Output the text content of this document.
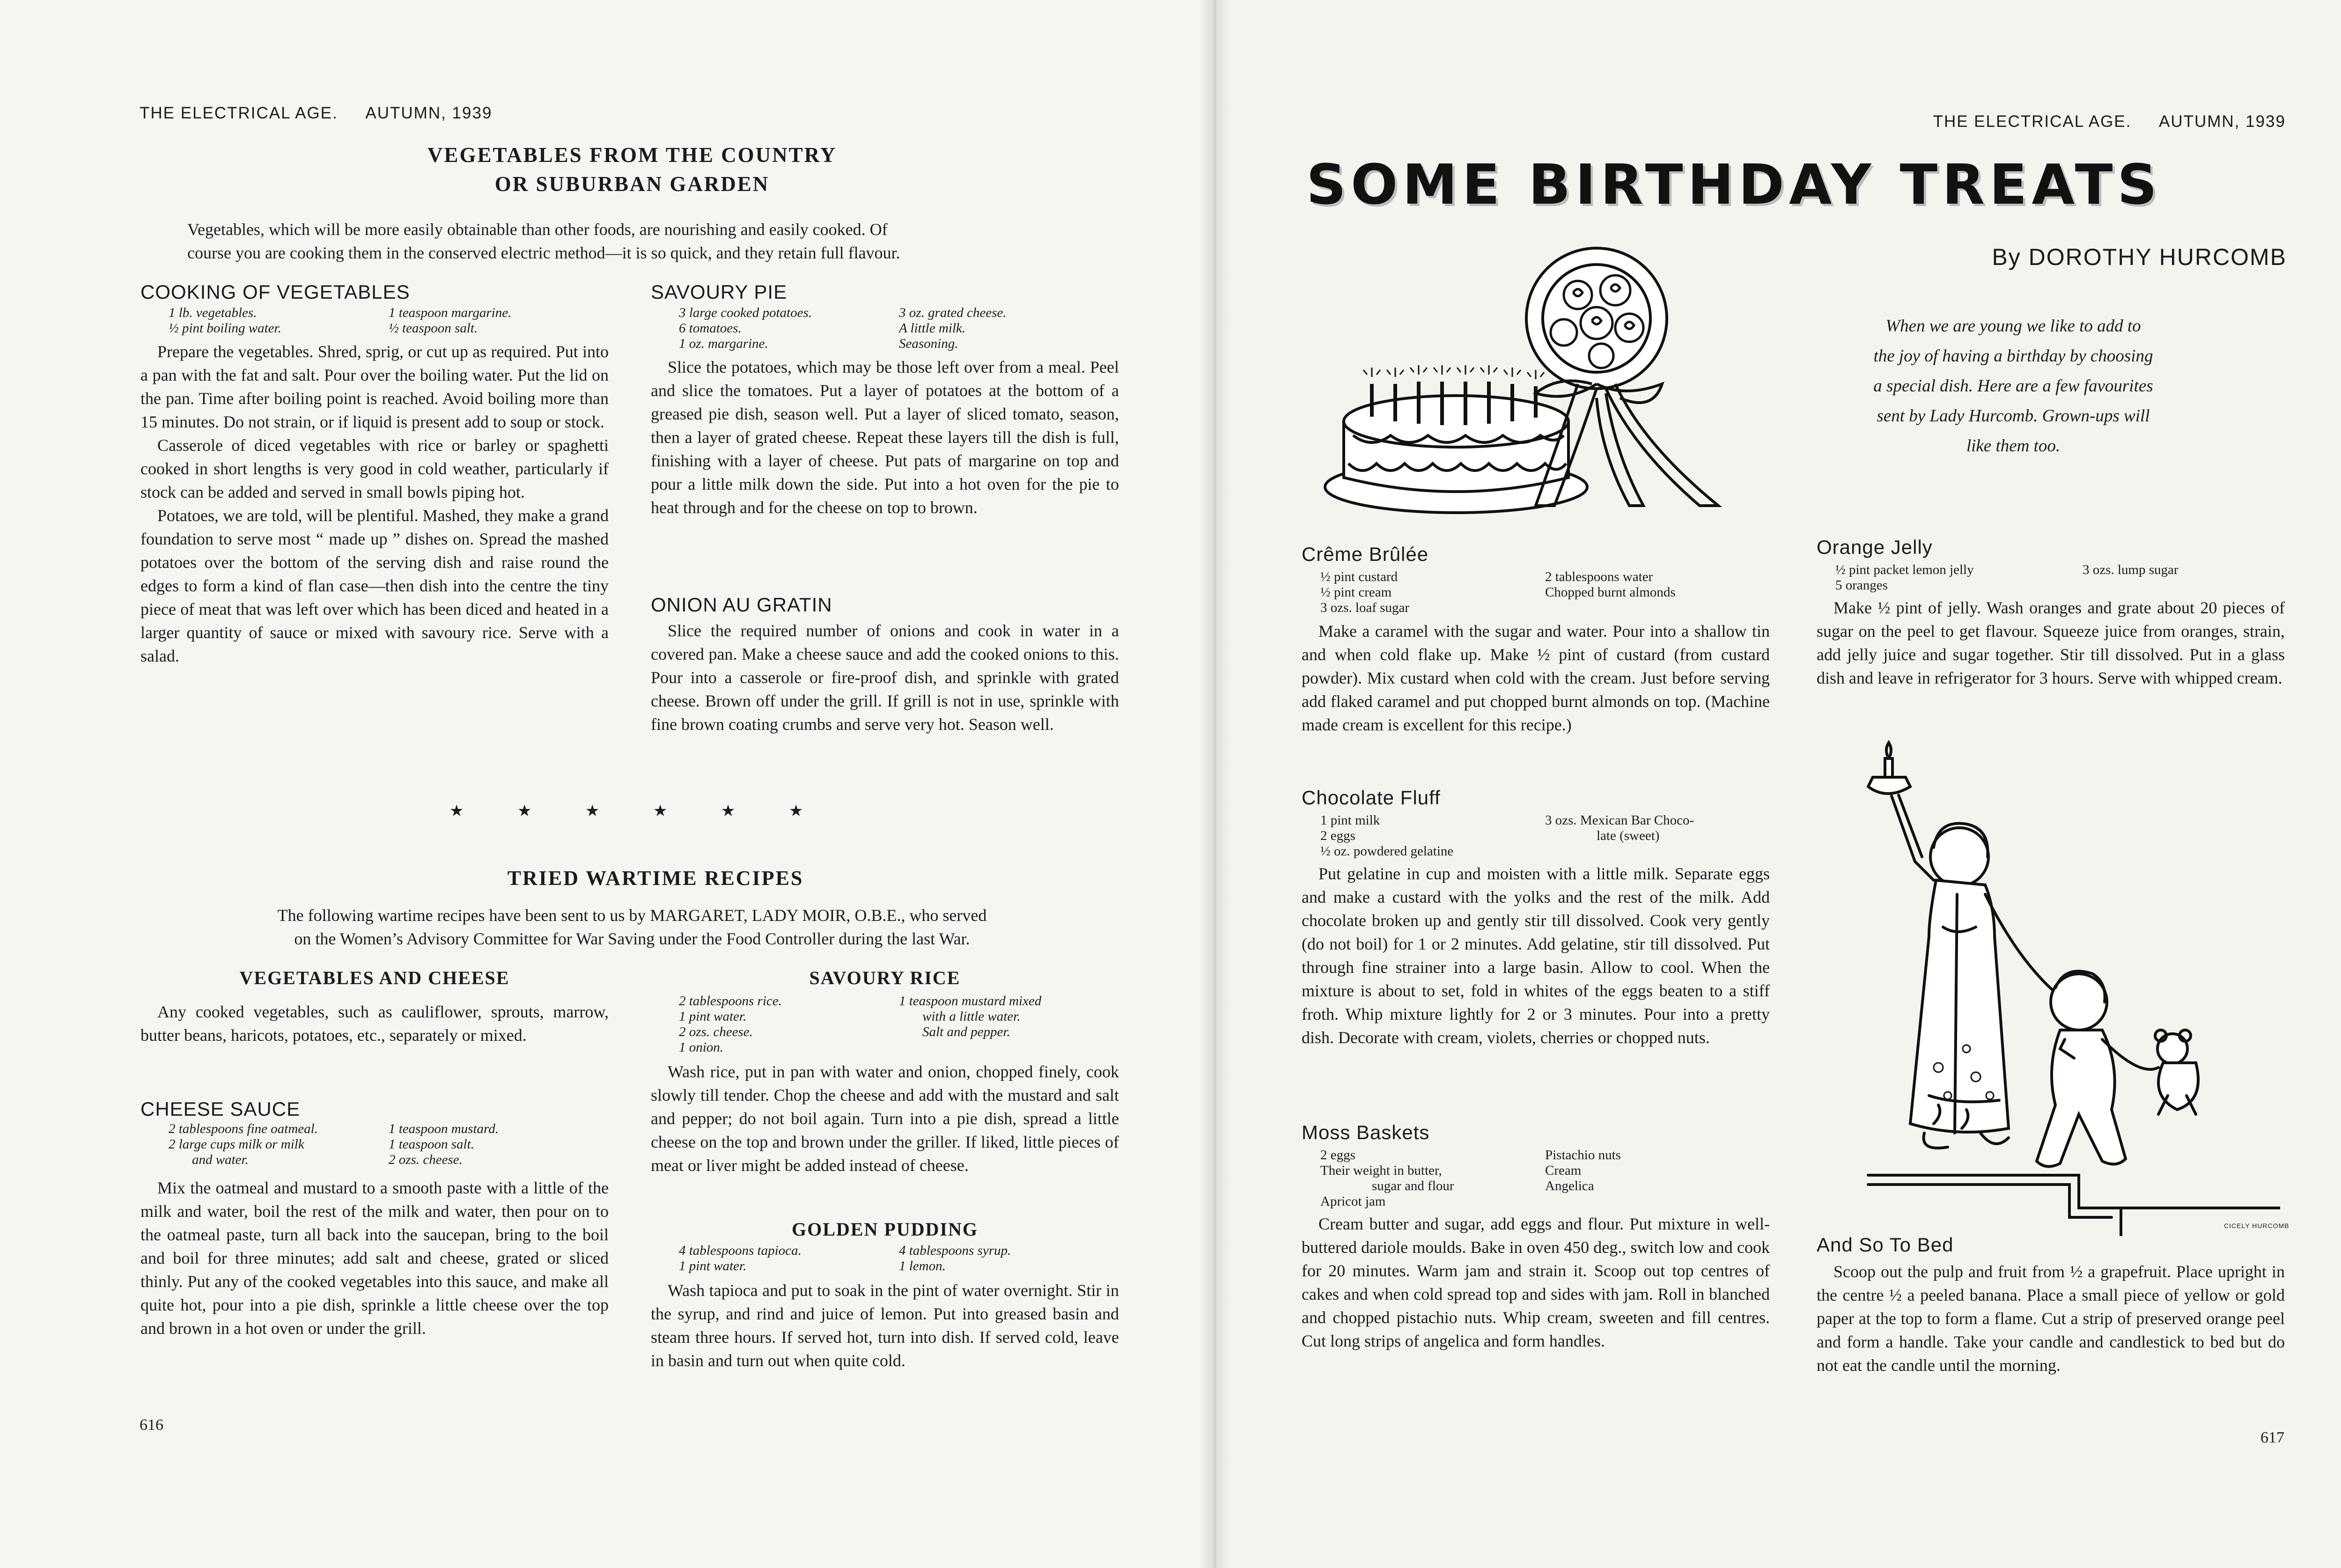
THE ELECTRICAL AGE. AUTUMN, 1939
VEGETABLES FROM THE COUNTRY
OR SUBURBAN GARDEN
Vegetables, which will be more easily obtainable than other foods, are nourishing and easily cooked. Of
course you are cooking them in the conserved electric method—it is so quick, and they retain full flavour.
COOKING OF VEGETABLES
1 lb. vegetables.	1 teaspoon margarine.
½ pint boiling water.	½ teaspoon salt.

Prepare the vegetables. Shred, sprig, or cut up as required. Put into a pan with the fat and salt. Pour over the boiling water. Put the lid on the pan. Time after boiling point is reached. Avoid boiling more than 15 minutes. Do not strain, or if liquid is present add to soup or stock.

Casserole of diced vegetables with rice or barley or spaghetti cooked in short lengths is very good in cold weather, particularly if stock can be added and served in small bowls piping hot.

Potatoes, we are told, will be plentiful. Mashed, they make a grand foundation to serve most “ made up ” dishes on. Spread the mashed potatoes over the bottom of the serving dish and raise round the edges to form a kind of flan case—then dish into the centre the tiny piece of meat that was left over which has been diced and heated in a larger quantity of sauce or mixed with savoury rice. Serve with a salad.

SAVOURY PIE
3 large cooked potatoes.	3 oz. grated cheese.
6 tomatoes.	A little milk.
1 oz. margarine.	Seasoning.

Slice the potatoes, which may be those left over from a meal. Peel and slice the tomatoes. Put a layer of potatoes at the bottom of a greased pie dish, season well. Put a layer of sliced tomato, season, then a layer of grated cheese. Repeat these layers till the dish is full, finishing with a layer of cheese. Put pats of margarine on top and pour a little milk down the side. Put into a hot oven for the pie to heat through and for the cheese on top to brown.

ONION AU GRATIN

Slice the required number of onions and cook in water in a covered pan. Make a cheese sauce and add the cooked onions to this. Pour into a casserole or fire-proof dish, and sprinkle with grated cheese. Brown off under the grill. If grill is not in use, sprinkle with fine brown coating crumbs and serve very hot. Season well.

★ ★ ★ ★ ★ ★
TRIED WARTIME RECIPES
The following wartime recipes have been sent to us by MARGARET, LADY MOIR, O.B.E., who served
on the Women’s Advisory Committee for War Saving under the Food Controller during the last War.
VEGETABLES AND CHEESE

Any cooked vegetables, such as cauliflower, sprouts, marrow, butter beans, haricots, potatoes, etc., separately or mixed.

CHEESE SAUCE
2 tablespoons fine oatmeal.	1 teaspoon mustard.
2 large cups milk or milk	1 teaspoon salt.
and water.	2 ozs. cheese.

Mix the oatmeal and mustard to a smooth paste with a little of the milk and water, boil the rest of the milk and water, then pour on to the oatmeal paste, turn all back into the saucepan, bring to the boil and boil for three minutes; add salt and cheese, grated or sliced thinly. Put any of the cooked vegetables into this sauce, and make all quite hot, pour into a pie dish, sprinkle a little cheese over the top and brown in a hot oven or under the grill.

SAVOURY RICE
2 tablespoons rice.	1 teaspoon mustard mixed
1 pint water.	with a little water.
2 ozs. cheese.	Salt and pepper.
1 onion.

Wash rice, put in pan with water and onion, chopped finely, cook slowly till tender. Chop the cheese and add with the mustard and salt and pepper; do not boil again. Turn into a pie dish, spread a little cheese on the top and brown under the griller. If liked, little pieces of meat or liver might be added instead of cheese.

GOLDEN PUDDING
4 tablespoons tapioca.	4 tablespoons syrup.
1 pint water.	1 lemon.

Wash tapioca and put to soak in the pint of water overnight. Stir in the syrup, and rind and juice of lemon. Put into greased basin and steam three hours. If served hot, turn into dish. If served cold, leave in basin and turn out when quite cold.

616
THE ELECTRICAL AGE. AUTUMN, 1939
SOME BIRTHDAY TREATS
By DOROTHY HURCOMB
When we are young we like to add to
the joy of having a birthday by choosing
a special dish. Here are a few favourites
sent by Lady Hurcomb. Grown-ups will
like them too.
Crême Brûlée
½ pint custard	2 tablespoons water
½ pint cream	Chopped burnt almonds
3 ozs. loaf sugar

Make a caramel with the sugar and water. Pour into a shallow tin and when cold flake up. Make ½ pint of custard (from custard powder). Mix custard when cold with the cream. Just before serving add flaked caramel and put chopped burnt almonds on top. (Machine made cream is excellent for this recipe.)

Chocolate Fluff
1 pint milk	3 ozs. Mexican Bar Choco-
2 eggs	late (sweet)
½ oz. powdered gelatine

Put gelatine in cup and moisten with a little milk. Separate eggs and make a custard with the yolks and the rest of the milk. Add chocolate broken up and gently stir till dissolved. Cook very gently (do not boil) for 1 or 2 minutes. Add gelatine, stir till dissolved. Put through fine strainer into a large basin. Allow to cool. When the mixture is about to set, fold in whites of the eggs beaten to a stiff froth. Whip mixture lightly for 2 or 3 minutes. Pour into a pretty dish. Decorate with cream, violets, cherries or chopped nuts.

Moss Baskets
2 eggs	Pistachio nuts
Their weight in butter,	Cream
sugar and flour	Angelica
Apricot jam

Cream butter and sugar, add eggs and flour. Put mixture in well-buttered dariole moulds. Bake in oven 450 deg., switch low and cook for 20 minutes. Warm jam and strain it. Scoop out top centres of cakes and when cold spread top and sides with jam. Roll in blanched and chopped pistachio nuts. Whip cream, sweeten and fill centres. Cut long strips of angelica and form handles.

Orange Jelly
½ pint packet lemon jelly	3 ozs. lump sugar
5 oranges

Make ½ pint of jelly. Wash oranges and grate about 20 pieces of sugar on the peel to get flavour. Squeeze juice from oranges, strain, add jelly juice and sugar together. Stir till dissolved. Put in a glass dish and leave in refrigerator for 3 hours. Serve with whipped cream.

CICELY HURCOMB
And So To Bed

Scoop out the pulp and fruit from ½ a grapefruit. Place upright in the centre ½ a peeled banana. Place a small piece of yellow or gold paper at the top to form a flame. Cut a strip of preserved orange peel and form a handle. Take your candle and candlestick to bed but do not eat the candle until the morning.

617
